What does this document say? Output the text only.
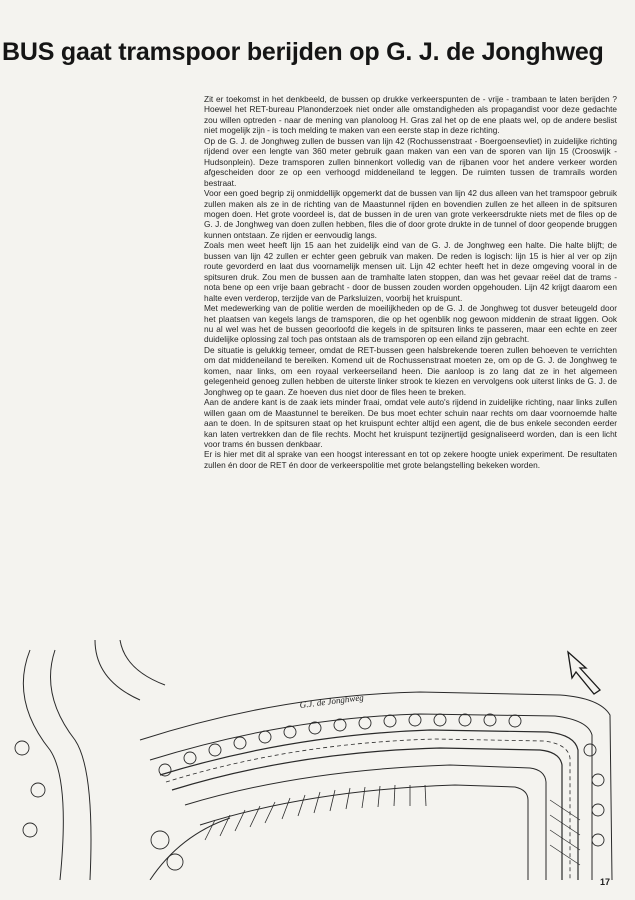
BUS gaat tramspoor berijden op G. J. de Jonghweg

Zit er toekomst in het denkbeeld, de bussen op drukke verkeerspunten de - vrije - trambaan te laten berijden ? Hoewel het RET-bureau Planonderzoek niet onder alle omstandigheden als propagandist voor deze gedachte zou willen optreden - naar de mening van planoloog H. Gras zal het op de ene plaats wel, op de andere beslist niet mogelijk zijn - is toch melding te maken van een eerste stap in deze richting.

Op de G. J. de Jonghweg zullen de bussen van lijn 42 (Rochussenstraat - Boergoensevliet) in zuidelijke richting rijdend over een lengte van 360 meter gebruik gaan maken van een van de sporen van lijn 15 (Crooswijk - Hudsonplein). Deze tramsporen zullen binnenkort volledig van de rijbanen voor het andere verkeer worden afgescheiden door ze op een verhoogd middeneiland te leggen. De ruimten tussen de tramrails worden bestraat.

Voor een goed begrip zij onmiddellijk opgemerkt dat de bussen van lijn 42 dus alleen van het tramspoor gebruik zullen maken als ze in de richting van de Maastunnel rijden en bovendien zullen ze het alleen in de spitsuren mogen doen. Het grote voordeel is, dat de bussen in de uren van grote verkeersdrukte niets met de files op de G. J. de Jonghweg van doen zullen hebben, files die of door grote drukte in de tunnel of door geopende bruggen kunnen ontstaan. Ze rijden er eenvoudig langs.

Zoals men weet heeft lijn 15 aan het zuidelijk eind van de G. J. de Jonghweg een halte. Die halte blijft; de bussen van lijn 42 zullen er echter geen gebruik van maken. De reden is logisch: lijn 15 is hier al ver op zijn route gevorderd en laat dus voornamelijk mensen uit. Lijn 42 echter heeft het in deze omgeving vooral in de spitsuren druk. Zou men de bussen aan de tramhalte laten stoppen, dan was het gevaar reëel dat de trams - nota bene op een vrije baan gebracht - door de bussen zouden worden opgehouden. Lijn 42 krijgt daarom een halte even verderop, terzijde van de Parksluizen, voorbij het kruispunt.

Met medewerking van de politie werden de moeilijkheden op de G. J. de Jonghweg tot dusver beteugeld door het plaatsen van kegels langs de tramsporen, die op het ogenblik nog gewoon middenin de straat liggen. Ook nu al wel was het de bussen geoorloofd die kegels in de spitsuren links te passeren, maar een echte en zeer duidelijke oplossing zal toch pas ontstaan als de tramsporen op een eiland zijn gebracht.

De situatie is gelukkig temeer, omdat de RET-bussen geen halsbrekende toeren zullen behoeven te verrichten om dat middeneiland te bereiken. Komend uit de Rochussenstraat moeten ze, om op de G. J. de Jonghweg te komen, naar links, om een royaal verkeerseiland heen. Die aanloop is zo lang dat ze in het algemeen gelegenheid genoeg zullen hebben de uiterste linker strook te kiezen en vervolgens ook uiterst links de G. J. de Jonghweg op te gaan. Ze hoeven dus niet door de files heen te breken.

Aan de andere kant is de zaak iets minder fraai, omdat vele auto's rijdend in zuidelijke richting, naar links zullen willen gaan om de Maastunnel te bereiken. De bus moet echter schuin naar rechts om daar voornoemde halte aan te doen. In de spitsuren staat op het kruispunt echter altijd een agent, die de bus enkele seconden eerder kan laten vertrekken dan de file rechts. Mocht het kruispunt tezijnertijd gesignaliseerd worden, dan is een licht voor trams én bussen denkbaar.

Er is hier met dit al sprake van een hoogst interessant en tot op zekere hoogte uniek experiment. De resultaten zullen én door de RET én door de verkeerspolitie met grote belangstelling bekeken worden.

G.J. de Jonghweg
17
